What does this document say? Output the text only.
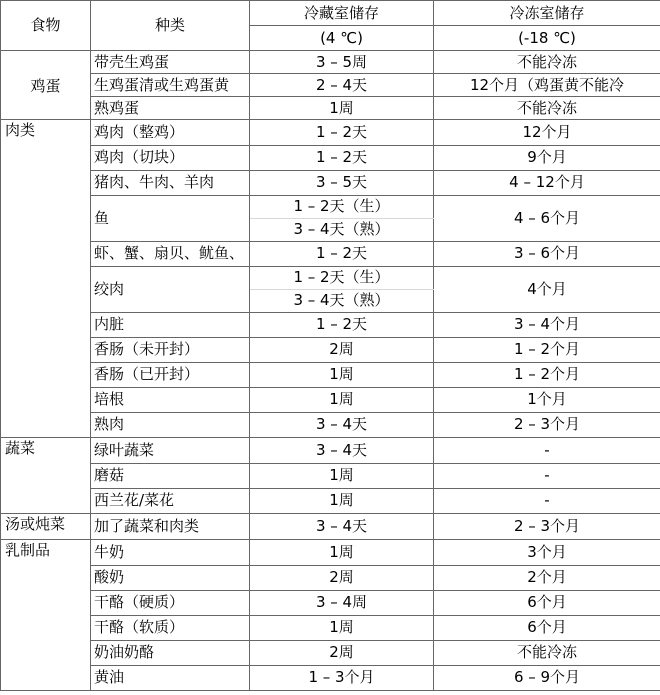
食物	种类	冷藏室储存	冷冻室储存
		(4 ℃)	(-18 ℃)
鸡蛋	带壳生鸡蛋	3 – 5周	不能冷冻
	生鸡蛋清或生鸡蛋黄	2 – 4天	12个月（鸡蛋黄不能冷
	熟鸡蛋	1周	不能冷冻
肉类	鸡肉（整鸡）	1 – 2天	12个月
	鸡肉（切块）	1 – 2天	9个月
	猪肉、牛肉、羊肉	3 – 5天	4 – 12个月
	鱼	1 – 2天（生）	4 – 6个月
		3 – 4天（熟）	
	虾、蟹、扇贝、鱿鱼、	1 – 2天	3 – 6个月
	绞肉	1 – 2天（生）	4个月
		3 – 4天（熟）	
	内脏	1 – 2天	3 – 4个月
	香肠（未开封）	2周	1 – 2个月
	香肠（已开封）	1周	1 – 2个月
	培根	1周	1个月
	熟肉	3 – 4天	2 – 3个月
蔬菜	绿叶蔬菜	3 – 4天	-
	磨菇	1周	-
	西兰花/菜花	1周	-
汤或炖菜	加了蔬菜和肉类	3 – 4天	2 – 3个月
乳制品	牛奶	1周	3个月
	酸奶	2周	2个月
	干酪（硬质）	3 – 4周	6个月
	干酪（软质）	1周	6个月
	奶油奶酪	2周	不能冷冻
	黄油	1 – 3个月	6 – 9个月
